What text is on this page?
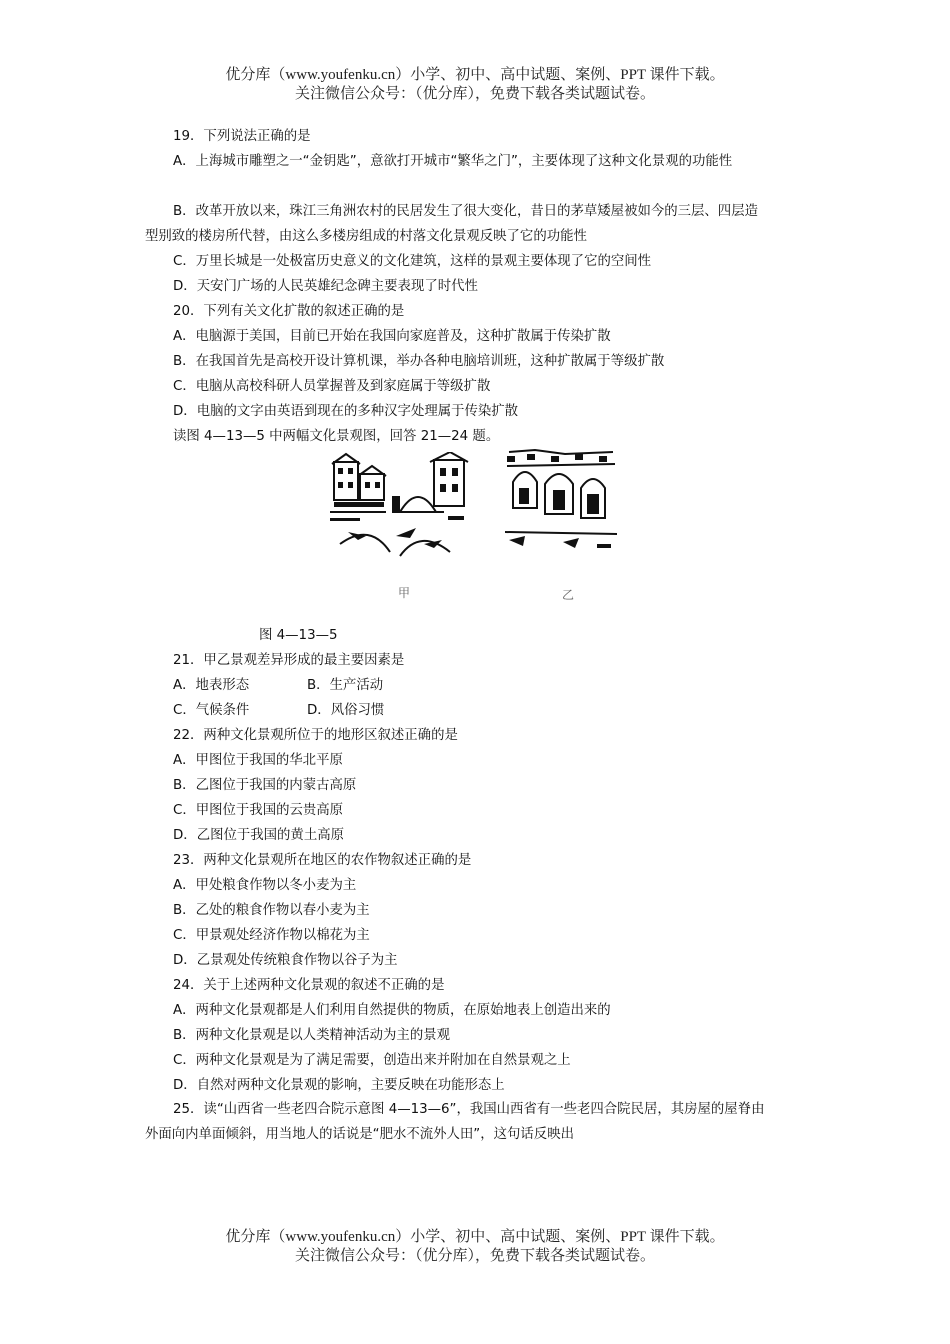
优分库（www.youfenku.cn）小学、初中、高中试题、案例、PPT 课件下载。
关注微信公众号：（优分库），免费下载各类试题试卷。
19．下列说法正确的是
A．上海城市雕塑之一“金钥匙”，意欲打开城市“繁华之门”，主要体现了这种文化景观的功能性
B．改革开放以来，珠江三角洲农村的民居发生了很大变化，昔日的茅草矮屋被如今的三层、四层造
型别致的楼房所代替，由这么多楼房组成的村落文化景观反映了它的功能性
C．万里长城是一处极富历史意义的文化建筑，这样的景观主要体现了它的空间性
D．天安门广场的人民英雄纪念碑主要表现了时代性
20．下列有关文化扩散的叙述正确的是
A．电脑源于美国，目前已开始在我国向家庭普及，这种扩散属于传染扩散
B．在我国首先是高校开设计算机课，举办各种电脑培训班，这种扩散属于等级扩散
C．电脑从高校科研人员掌握普及到家庭属于等级扩散
D．电脑的文字由英语到现在的多种汉字处理属于传染扩散
读图 4—13—5 中两幅文化景观图，回答 21—24 题。
甲	乙
图 4—13—5
21．甲乙景观差异形成的最主要因素是
A．地表形态	B．生产活动
C．气候条件	D．风俗习惯
22．两种文化景观所位于的地形区叙述正确的是
A．甲图位于我国的华北平原
B．乙图位于我国的内蒙古高原
C．甲图位于我国的云贵高原
D．乙图位于我国的黄土高原
23．两种文化景观所在地区的农作物叙述正确的是
A．甲处粮食作物以冬小麦为主
B．乙处的粮食作物以春小麦为主
C．甲景观处经济作物以棉花为主
D．乙景观处传统粮食作物以谷子为主
24．关于上述两种文化景观的叙述不正确的是
A．两种文化景观都是人们利用自然提供的物质，在原始地表上创造出来的
B．两种文化景观是以人类精神活动为主的景观
C．两种文化景观是为了满足需要，创造出来并附加在自然景观之上
D．自然对两种文化景观的影响，主要反映在功能形态上
25．读“山西省一些老四合院示意图 4—13—6”，我国山西省有一些老四合院民居，其房屋的屋脊由
外面向内单面倾斜，用当地人的话说是“肥水不流外人田”，这句话反映出
优分库（www.youfenku.cn）小学、初中、高中试题、案例、PPT 课件下载。
关注微信公众号：（优分库），免费下载各类试题试卷。
